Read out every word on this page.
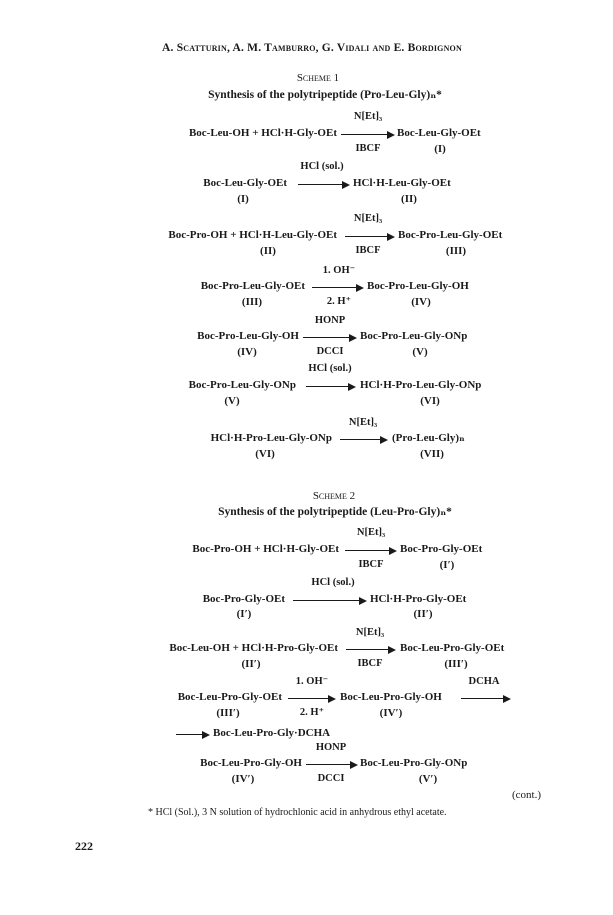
A. Scatturin, A. M. Tamburro, G. Vidali and E. Bordignon
Scheme 1
Synthesis of the polytripeptide (Pro-Leu-Gly)ₙ*
Boc-Leu-OH + HCl·H-Gly-OEt
N[Et]₃
IBCF
Boc-Leu-Gly-OEt
(I)
HCl (sol.)
Boc-Leu-Gly-OEt
(I)
HCl·H-Leu-Gly-OEt
(II)
N[Et]₃
Boc-Pro-OH + HCl·H-Leu-Gly-OEt
(II)	IBCF
Boc-Pro-Leu-Gly-OEt
(III)
1. OH⁻
Boc-Pro-Leu-Gly-OEt
(III)	2. H⁺
Boc-Pro-Leu-Gly-OH
(IV)
HONP
Boc-Pro-Leu-Gly-OH
(IV)	DCCI
Boc-Pro-Leu-Gly-ONp
(V)
HCl (sol.)
Boc-Pro-Leu-Gly-ONp
(V)
HCl·H-Pro-Leu-Gly-ONp
(VI)
N[Et]₃
HCl·H-Pro-Leu-Gly-ONp
(VI)
(Pro-Leu-Gly)ₙ
(VII)
Scheme 2
Synthesis of the polytripeptide (Leu-Pro-Gly)ₙ*
N[Et]₃
Boc-Pro-OH + HCl·H-Gly-OEt
IBCF
Boc-Pro-Gly-OEt
(I′)
HCl (sol.)
Boc-Pro-Gly-OEt
(I′)
HCl·H-Pro-Gly-OEt
(II′)
N[Et]₃
Boc-Leu-OH + HCl·H-Pro-Gly-OEt
(II′)	IBCF
Boc-Leu-Pro-Gly-OEt
(III′)
1. OH⁻	DCHA
Boc-Leu-Pro-Gly-OEt
(III′)	2. H⁺
Boc-Leu-Pro-Gly-OH
(IV′)
Boc-Leu-Pro-Gly·DCHA
HONP
Boc-Leu-Pro-Gly-OH
(IV′)	DCCI
Boc-Leu-Pro-Gly-ONp
(V′)
(cont.)
* HCl (Sol.), 3 N solution of hydrochlonic acid in anhydrous ethyl acetate.
222
